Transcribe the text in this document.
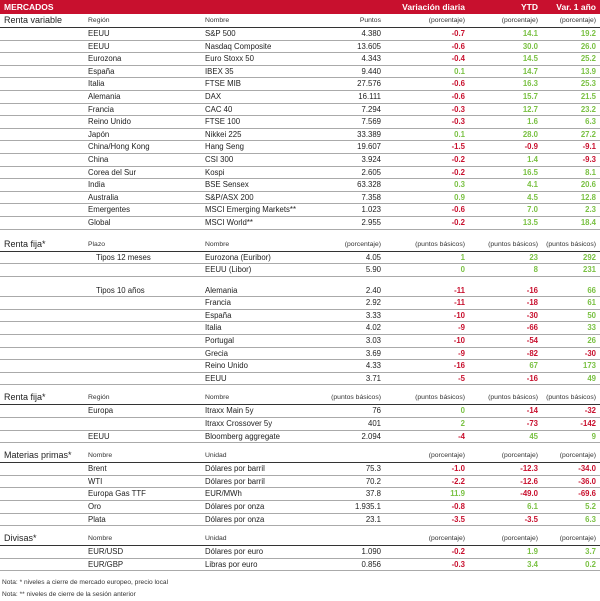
MERCADOS	Variación diaria	YTD Var. 1 año
Renta variable	Región	Nombre	Puntos	(porcentaje)	(porcentaje)	(porcentaje)
EEUU	S&P 500	4.380	-0.7	14.1	19.2
EEUU	Nasdaq Composite	13.605	-0.6	30.0	26.0
Eurozona	Euro Stoxx 50	4.343	-0.4	14.5	25.2
España	IBEX 35	9.440	0.1	14.7	13.9
Italia	FTSE MIB	27.576	-0.6	16.3	25.3
Alemania	DAX	16.111	-0.6	15.7	21.5
Francia	CAC 40	7.294	-0.3	12.7	23.2
Reino Unido	FTSE 100	7.569	-0.3	1.6	6.3
Japón	Nikkei 225	33.389	0.1	28.0	27.2
China/Hong Kong	Hang Seng	19.607	-1.5	-0.9	-9.1
China	CSI 300	3.924	-0.2	1.4	-9.3
Corea del Sur	Kospi	2.605	-0.2	16.5	8.1
India	BSE Sensex	63.328	0.3	4.1	20.6
Australia	S&P/ASX 200	7.358	0.9	4.5	12.8
Emergentes	MSCI Emerging Markets**	1.023	-0.6	7.0	2.3
Global	MSCI World**	2.955	-0.2	13.5	18.4
Renta fija*	Plazo	Nombre	(porcentaje)	(puntos básicos)	(puntos básicos) (puntos básicos)
Tipos 12 meses	Eurozona (Euribor)	4.05	1	23	292
EEUU (Libor)	5.90	0	8	231
Tipos 10 años	Alemania	2.40	-11	-16	66
Francia	2.92	-11	-18	61
España	3.33	-10	-30	50
Italia	4.02	-9	-66	33
Portugal	3.03	-10	-54	26
Grecia	3.69	-9	-82	-30
Reino Unido	4.33	-16	67	173
EEUU	3.71	-5	-16	49
Renta fija*	Región	Nombre	(puntos básicos)	(puntos básicos)	(puntos básicos) (puntos básicos)
Europa	Itraxx Main 5y	76	0	-14	-32
Itraxx Crossover 5y	401	2	-73	-142
EEUU	Bloomberg aggregate	2.094	-4	45	9
Materias primas* Nombre	Unidad	(porcentaje)	(porcentaje)	(porcentaje)
Brent	Dólares por barril	75.3	-1.0	-12.3	-34.0
WTI	Dólares por barril	70.2	-2.2	-12.6	-36.0
Europa Gas TTF	EUR/MWh	37.8	11.9	-49.0	-69.6
Oro	Dólares por onza	1.935.1	-0.8	6.1	5.2
Plata	Dólares por onza	23.1	-3.5	-3.5	6.3
Divisas*	Nombre	Unidad	(porcentaje)	(porcentaje)	(porcentaje)
EUR/USD	Dólares por euro	1.090	-0.2	1.9	3.7
EUR/GBP	Libras por euro	0.856	-0.3	3.4	0.2
Nota: * niveles a cierre de mercado europeo, precio local
Nota: ** niveles de cierre de la sesión anterior
